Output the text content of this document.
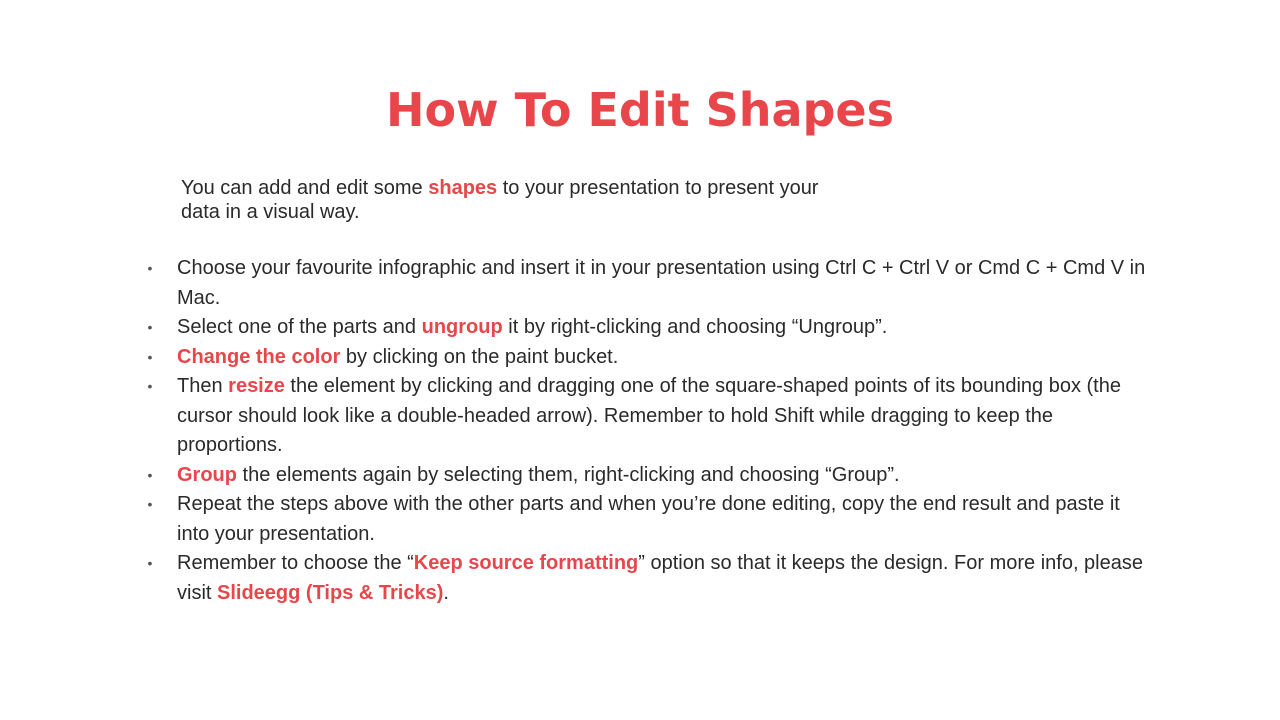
How To Edit Shapes
You can add and edit some shapes to your presentation to present your data in a visual way.
• Choose your favourite infographic and insert it in your presentation using Ctrl C + Ctrl V or Cmd C + Cmd V in Mac.
• Select one of the parts and ungroup it by right-clicking and choosing “Ungroup”.
• Change the color by clicking on the paint bucket.
• Then resize the element by clicking and dragging one of the square-shaped points of its bounding box (the cursor should look like a double-headed arrow). Remember to hold Shift while dragging to keep the proportions.
• Group the elements again by selecting them, right-clicking and choosing “Group”.
• Repeat the steps above with the other parts and when you’re done editing, copy the end result and paste it into your presentation.
• Remember to choose the “Keep source formatting” option so that it keeps the design. For more info, please visit Slideegg (Tips & Tricks).
